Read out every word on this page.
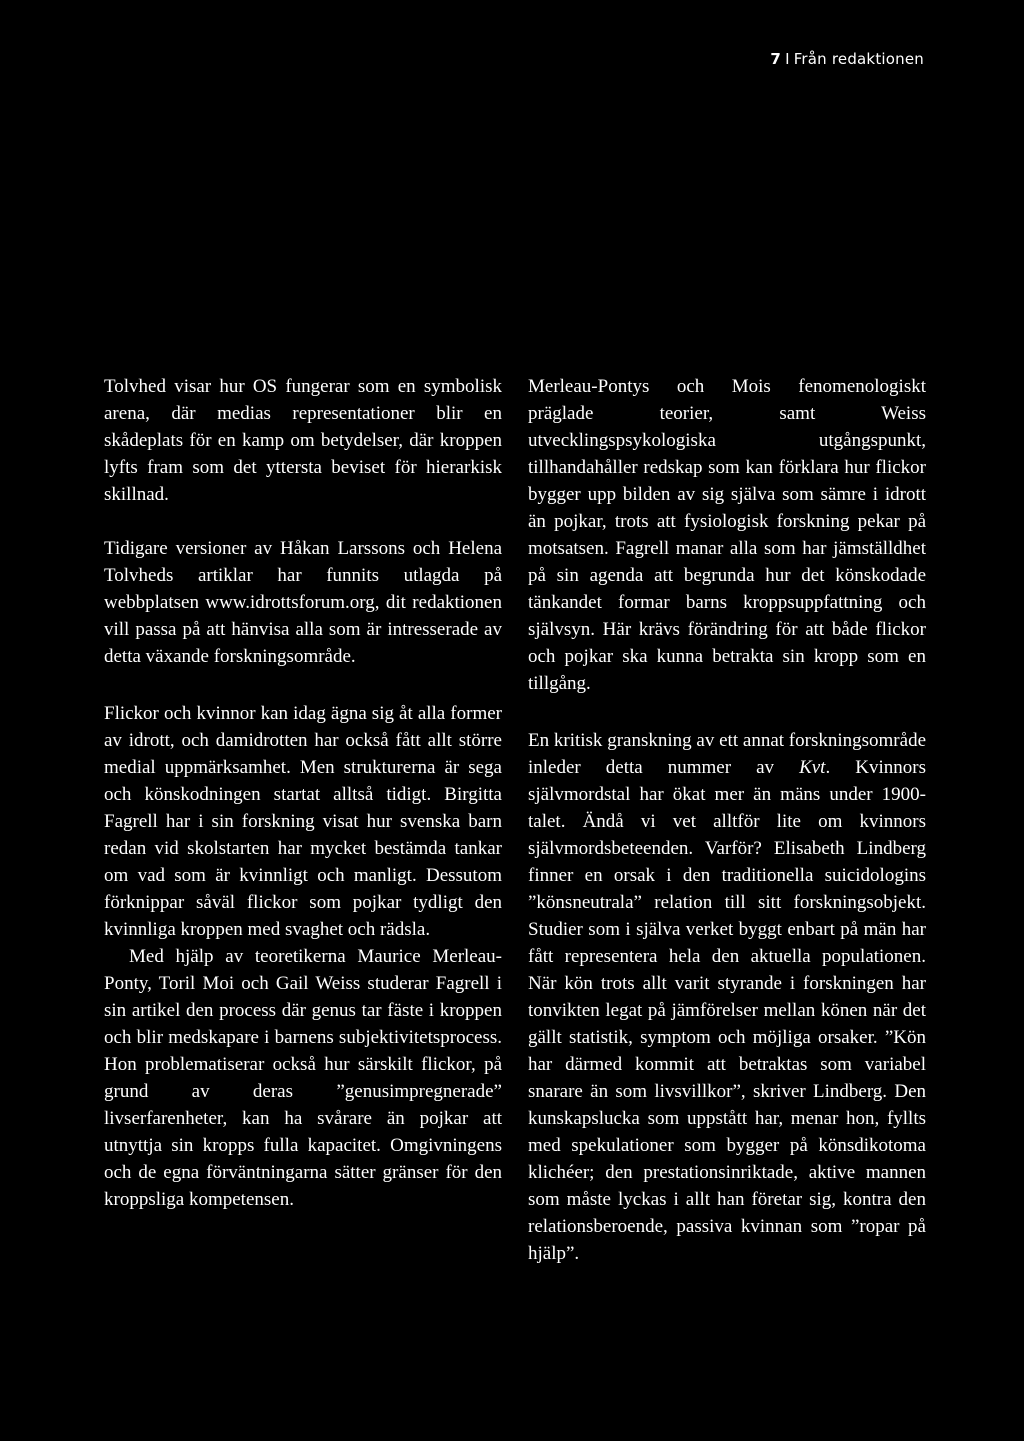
7 I Från redaktionen

Tolvhed visar hur OS fungerar som en symbolisk arena, där medias representationer blir en skådeplats för en kamp om betydelser, där kroppen lyfts fram som det yttersta beviset för hierarkisk skillnad.

Tidigare versioner av Håkan Larssons och Helena Tolvheds artiklar har funnits utlagda på webbplatsen www.idrottsforum.org, dit redaktionen vill passa på att hänvisa alla som är intresserade av detta växande forskningsområde.

Flickor och kvinnor kan idag ägna sig åt alla former av idrott, och damidrotten har också fått allt större medial uppmärksamhet. Men strukturerna är sega och könskodningen startat alltså tidigt. Birgitta Fagrell har i sin forskning visat hur svenska barn redan vid skolstarten har mycket bestämda tankar om vad som är kvinnligt och manligt. Dessutom förknippar såväl flickor som pojkar tydligt den kvinnliga kroppen med svaghet och rädsla.

Med hjälp av teoretikerna Maurice Merleau-Ponty, Toril Moi och Gail Weiss studerar Fagrell i sin artikel den process där genus tar fäste i kroppen och blir medskapare i barnens subjektivitetsprocess. Hon problematiserar också hur särskilt flickor, på grund av deras ”genusimpregnerade” livserfarenheter, kan ha svårare än pojkar att utnyttja sin kropps fulla kapacitet. Omgivningens och de egna förväntningarna sätter gränser för den kroppsliga kompetensen.

Merleau-Pontys och Mois fenomenologiskt präglade teorier, samt Weiss utvecklingspsykologiska utgångspunkt, tillhandahåller redskap som kan förklara hur flickor bygger upp bilden av sig själva som sämre i idrott än pojkar, trots att fysiologisk forskning pekar på motsatsen. Fagrell manar alla som har jämställdhet på sin agenda att begrunda hur det könskodade tänkandet formar barns kroppsuppfattning och självsyn. Här krävs förändring för att både flickor och pojkar ska kunna betrakta sin kropp som en tillgång.

En kritisk granskning av ett annat forskningsområde inleder detta nummer av Kvt. Kvinnors självmordstal har ökat mer än mäns under 1900-talet. Ändå vi vet alltför lite om kvinnors självmordsbeteenden. Varför? Elisabeth Lindberg finner en orsak i den traditionella suicidologins ”könsneutrala” relation till sitt forskningsobjekt. Studier som i själva verket byggt enbart på män har fått representera hela den aktuella populationen. När kön trots allt varit styrande i forskningen har tonvikten legat på jämförelser mellan könen när det gällt statistik, symptom och möjliga orsaker. ”Kön har därmed kommit att betraktas som variabel snarare än som livsvillkor”, skriver Lindberg. Den kunskapslucka som uppstått har, menar hon, fyllts med spekulationer som bygger på könsdikotoma klichéer; den prestationsinriktade, aktive mannen som måste lyckas i allt han företar sig, kontra den relationsberoende, passiva kvinnan som ”ropar på hjälp”.
